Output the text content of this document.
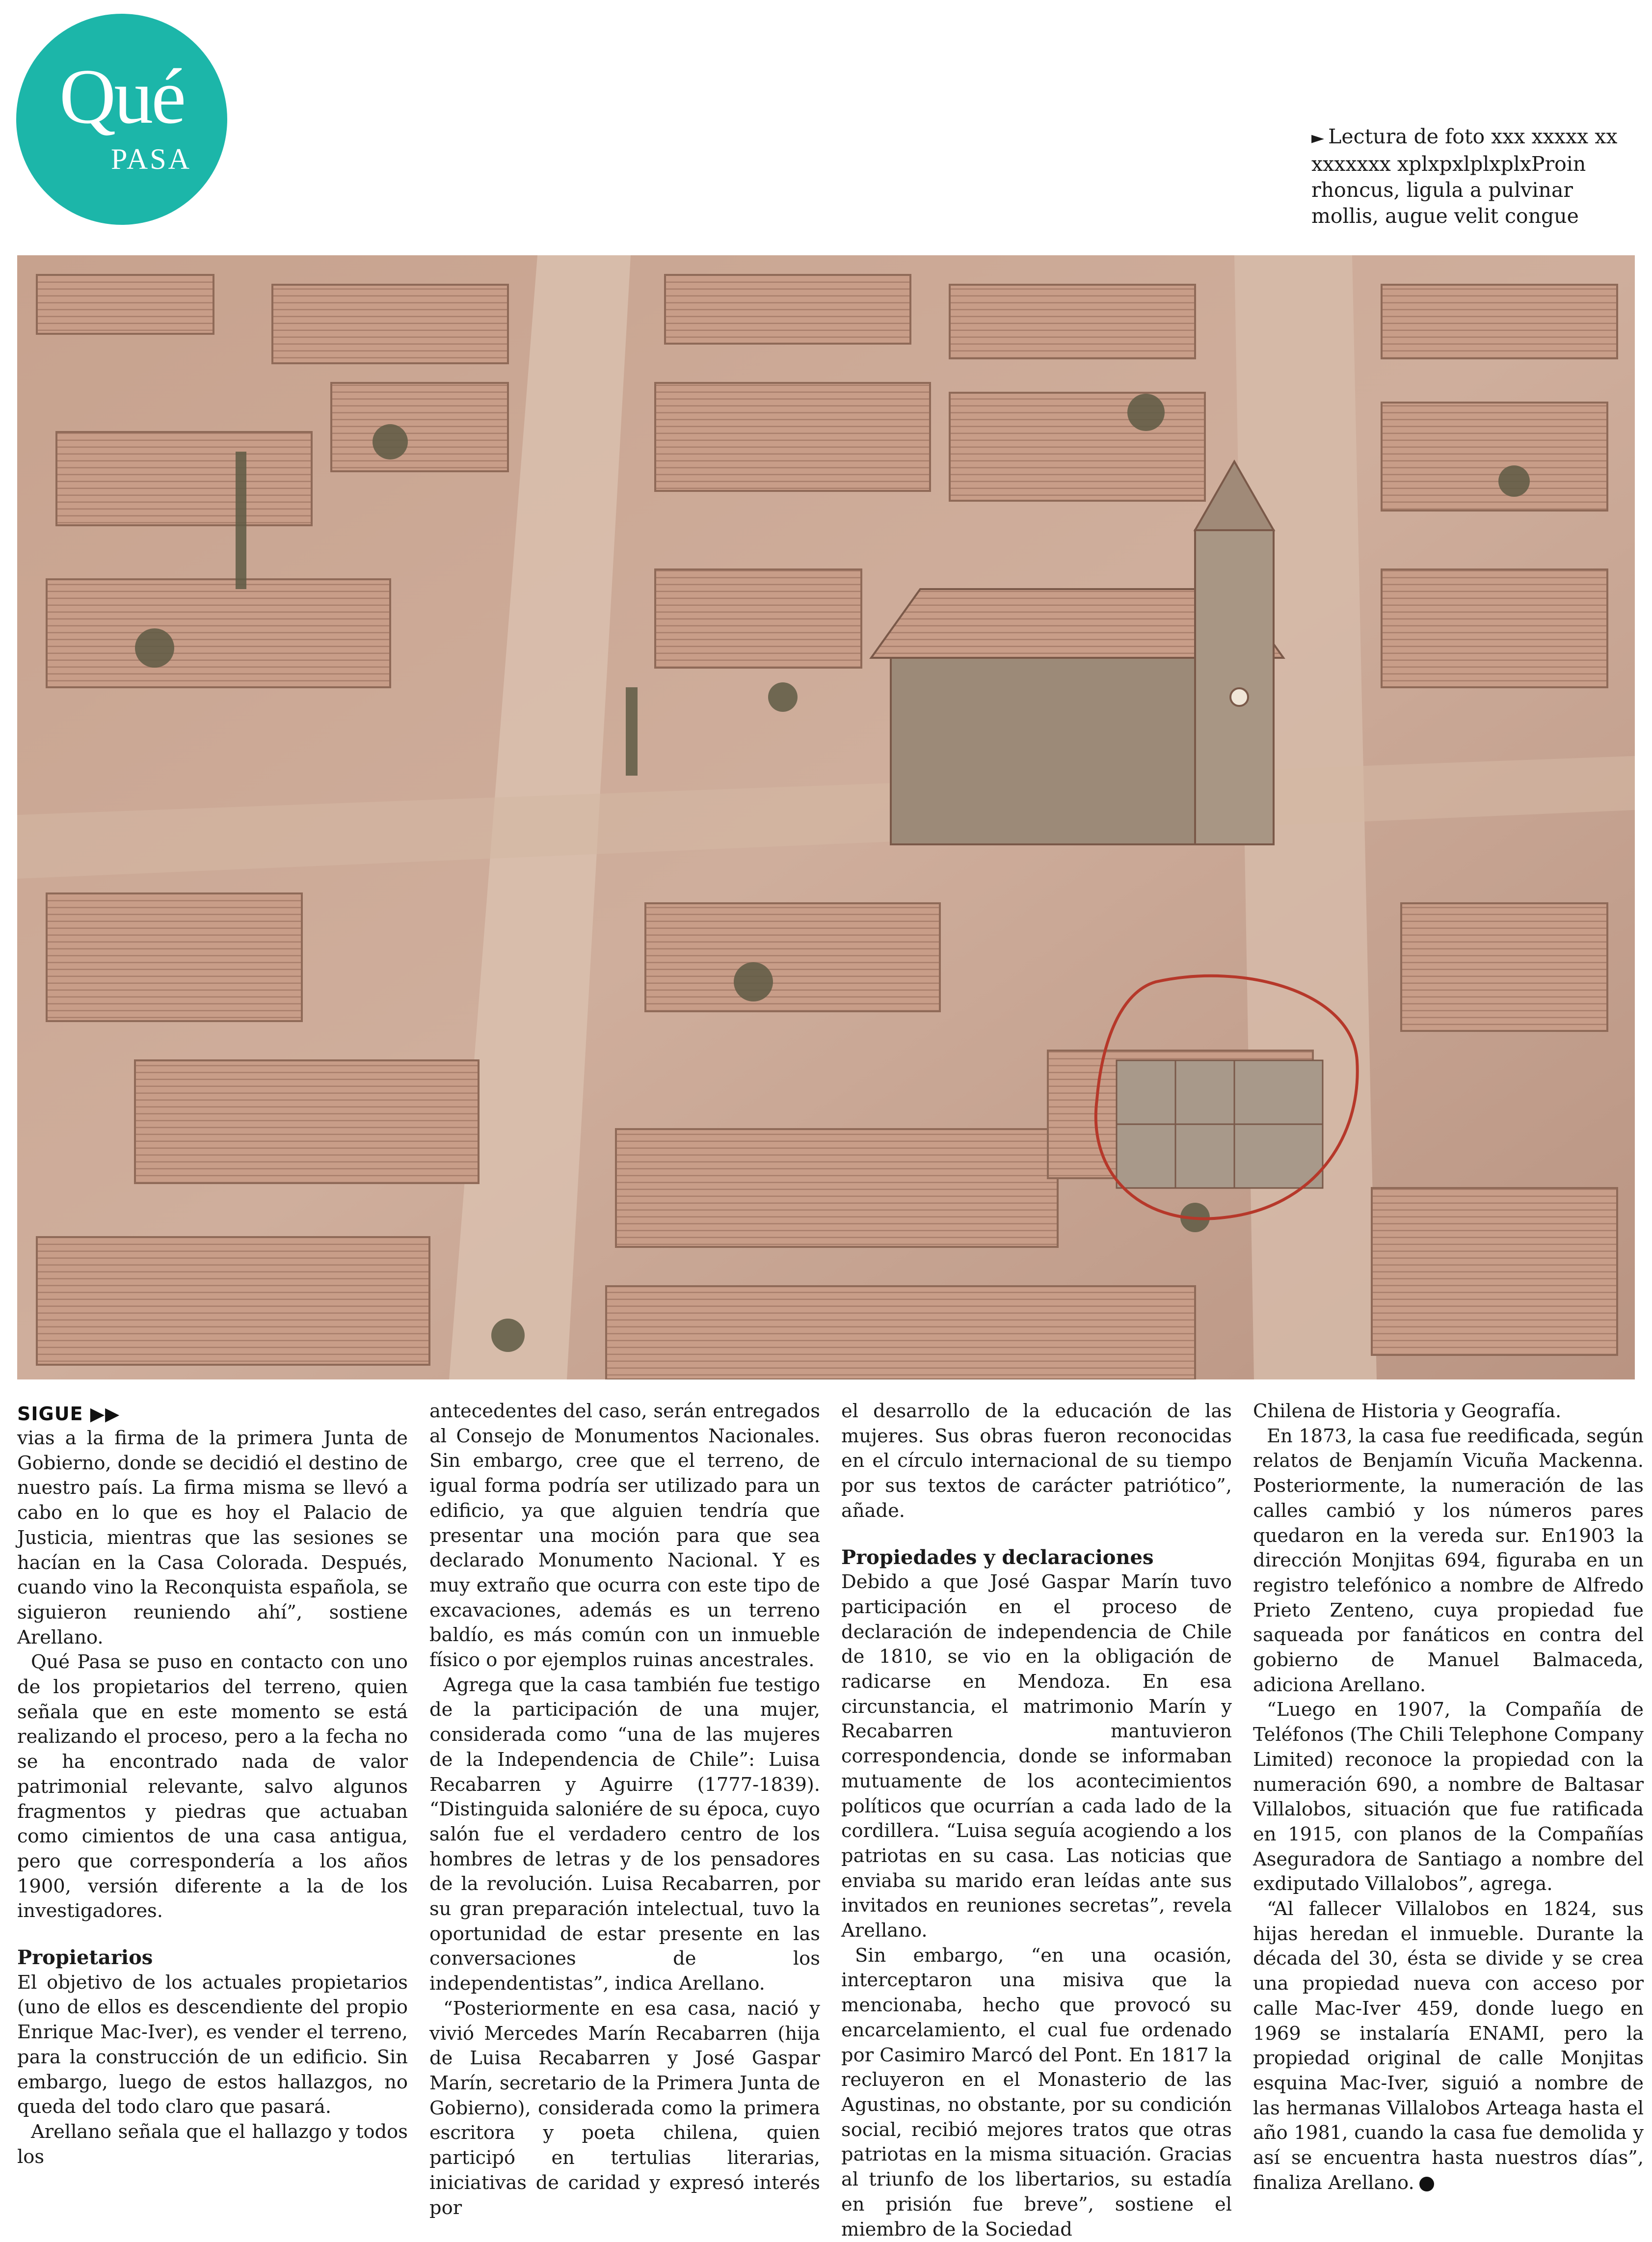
Qué
PASA
► Lectura de foto xxx xxxxx xx xxxxxxx xplxpxlplxplxProin rhoncus, ligula a pulvinar mollis, augue velit congue
SIGUE ▶▶

vias a la firma de la primera Junta de Gobierno, donde se decidió el destino de nuestro país. La firma misma se llevó a cabo en lo que es hoy el Palacio de Justicia, mientras que las sesiones se hacían en la Casa Colorada. Después, cuando vino la Reconquista española, se siguieron reuniendo ahí”, sostiene Arellano.

Qué Pasa se puso en contacto con uno de los propietarios del terreno, quien señala que en este momento se está realizando el proceso, pero a la fecha no se ha encontrado nada de valor patrimonial relevante, salvo algunos fragmentos y piedras que actuaban como cimientos de una casa antigua, pero que correspondería a los años 1900, versión diferente a la de los investigadores.

Propietarios

El objetivo de los actuales propietarios (uno de ellos es descendiente del propio Enrique Mac-Iver), es vender el terreno, para la construcción de un edificio. Sin embargo, luego de estos hallazgos, no queda del todo claro que pasará.

Arellano señala que el hallazgo y todos los

antecedentes del caso, serán entregados al Consejo de Monumentos Nacionales. Sin embargo, cree que el terreno, de igual forma podría ser utilizado para un edificio, ya que alguien tendría que presentar una moción para que sea declarado Monumento Nacional. Y es muy extraño que ocurra con este tipo de excavaciones, además es un terreno baldío, es más común con un inmueble físico o por ejemplos ruinas ancestrales.

Agrega que la casa también fue testigo de la participación de una mujer, considerada como “una de las mujeres de la Independencia de Chile”: Luisa Recabarren y Aguirre (1777-1839). “Distinguida saloniére de su época, cuyo salón fue el verdadero centro de los hombres de letras y de los pensadores de la revolución. Luisa Recabarren, por su gran preparación intelectual, tuvo la oportunidad de estar presente en las conversaciones de los independentistas”, indica Arellano.

“Posteriormente en esa casa, nació y vivió Mercedes Marín Recabarren (hija de Luisa Recabarren y José Gaspar Marín, secretario de la Primera Junta de Gobierno), considerada como la primera escritora y poeta chilena, quien participó en tertulias literarias, iniciativas de caridad y expresó interés por

el desarrollo de la educación de las mujeres. Sus obras fueron reconocidas en el círculo internacional de su tiempo por sus textos de carácter patriótico”, añade.

Propiedades y declaraciones

Debido a que José Gaspar Marín tuvo participación en el proceso de declaración de independencia de Chile de 1810, se vio en la obligación de radicarse en Mendoza. En esa circunstancia, el matrimonio Marín y Recabarren mantuvieron correspondencia, donde se informaban mutuamente de los acontecimientos políticos que ocurrían a cada lado de la cordillera. “Luisa seguía acogiendo a los patriotas en su casa. Las noticias que enviaba su marido eran leídas ante sus invitados en reuniones secretas”, revela Arellano.

Sin embargo, “en una ocasión, interceptaron una misiva que la mencionaba, hecho que provocó su encarcelamiento, el cual fue ordenado por Casimiro Marcó del Pont. En 1817 la recluyeron en el Monasterio de las Agustinas, no obstante, por su condición social, recibió mejores tratos que otras patriotas en la misma situación. Gracias al triunfo de los libertarios, su estadía en prisión fue breve”, sostiene el miembro de la Sociedad

Chilena de Historia y Geografía.

En 1873, la casa fue reedificada, según relatos de Benjamín Vicuña Mackenna. Posteriormente, la numeración de las calles cambió y los números pares quedaron en la vereda sur. En1903 la dirección Monjitas 694, figuraba en un registro telefónico a nombre de Alfredo Prieto Zenteno, cuya propiedad fue saqueada por fanáticos en contra del gobierno de Manuel Balmaceda, adiciona Arellano.

“Luego en 1907, la Compañía de Teléfonos (The Chili Telephone Company Limited) reconoce la propiedad con la numeración 690, a nombre de Baltasar Villalobos, situación que fue ratificada en 1915, con planos de la Compañías Aseguradora de Santiago a nombre del exdiputado Villalobos”, agrega.

“Al fallecer Villalobos en 1824, sus hijas heredan el inmueble. Durante la década del 30, ésta se divide y se crea una propiedad nueva con acceso por calle Mac-Iver 459, donde luego en 1969 se instalaría ENAMI, pero la propiedad original de calle Monjitas esquina Mac-Iver, siguió a nombre de las hermanas Villalobos Arteaga hasta el año 1981, cuando la casa fue demolida y así se encuentra hasta nuestros días”, finaliza Arellano.
